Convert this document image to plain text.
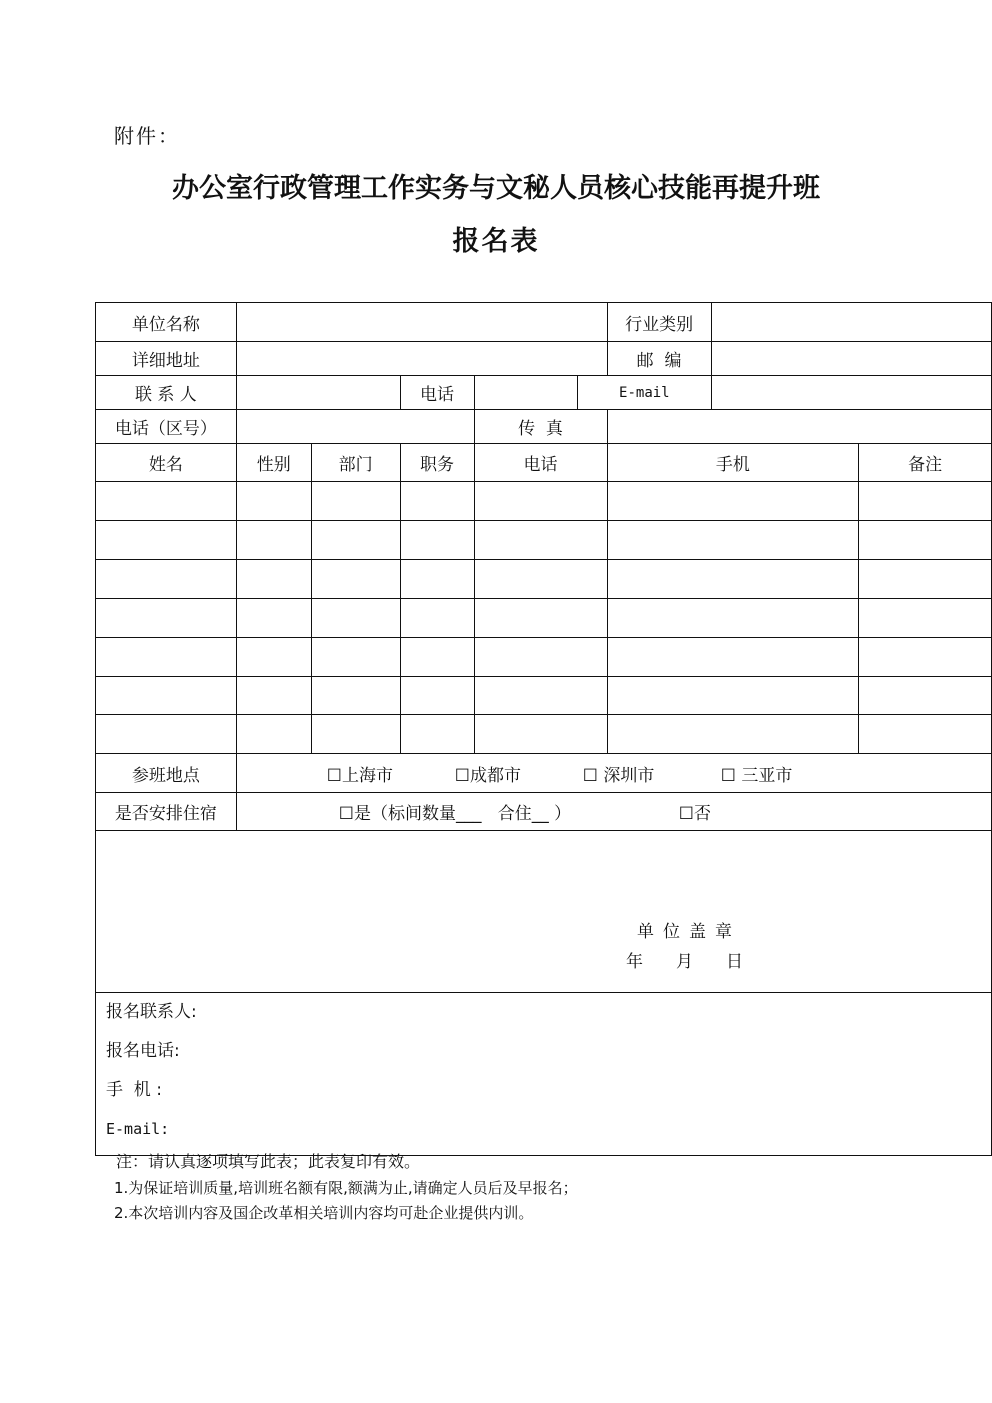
附件：
办公室行政管理工作实务与文秘人员核心技能再提升班
报名表
单位名称						行业类别		
详细地址						邮  编		
联 系 人			电话		E-mail			
电话（区号）				传  真				
姓名	性别	部门	职务	电话		手机		备注

参班地点	☐上海市 ☐成都市 ☐ 深圳市 ☐ 三亚市							
是否安排住宿	☐是（标间数量___   合住__ ） ☐否							

单位盖章
年 月 日								

报名联系人:
报名电话:
手  机 :
E-mail:								
注：请认真逐项填写此表；此表复印有效。
1.为保证培训质量,培训班名额有限,额满为止,请确定人员后及早报名；
2.本次培训内容及国企改革相关培训内容均可赴企业提供内训。
